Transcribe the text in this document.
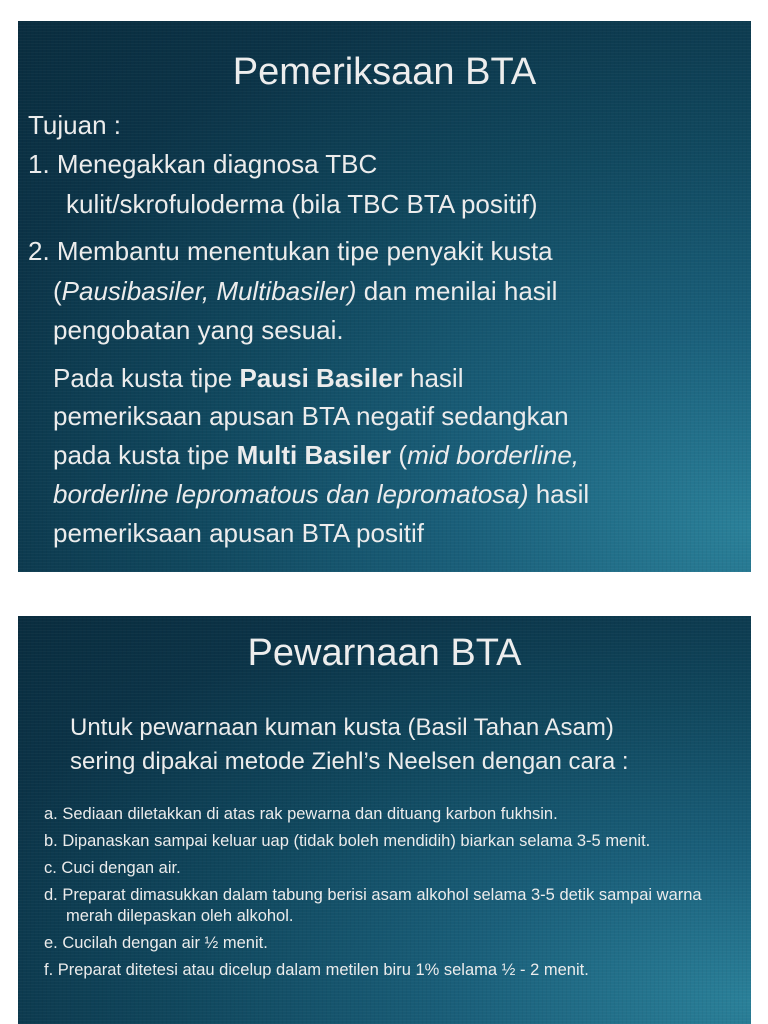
Pemeriksaan BTA

Tujuan :

1. Menegakkan diagnosa TBC

kulit/skrofuloderma (bila TBC BTA positif)

2. Membantu menentukan tipe penyakit kusta

(Pausibasiler, Multibasiler) dan menilai hasil

pengobatan yang sesuai.

Pada kusta tipe Pausi Basiler hasil

pemeriksaan apusan BTA negatif sedangkan

pada kusta tipe Multi Basiler (mid borderline,

borderline lepromatous dan lepromatosa) hasil

pemeriksaan apusan BTA positif

Pewarnaan BTA
Untuk pewarnaan kuman kusta (Basil Tahan Asam)
sering dipakai metode Ziehl’s Neelsen dengan cara :
a. Sediaan diletakkan di atas rak pewarna dan dituang karbon fukhsin.
b. Dipanaskan sampai keluar uap (tidak boleh mendidih) biarkan selama 3-5 menit.
c. Cuci dengan air.
d. Preparat dimasukkan dalam tabung berisi asam alkohol selama 3-5 detik sampai warna merah dilepaskan oleh alkohol.
e. Cucilah dengan air ½ menit.
f. Preparat ditetesi atau dicelup dalam metilen biru 1% selama ½ - 2 menit.
